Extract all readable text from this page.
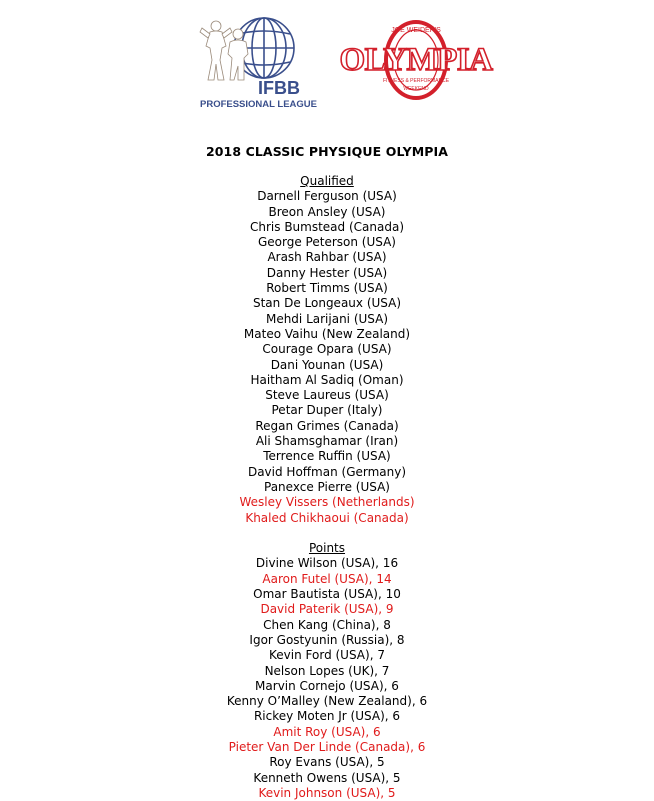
IFBB
PROFESSIONAL LEAGUE
JOE WEIDER'S
OLYMPIA
FITNESS & PERFORMANCE
WEEKEND
2018 CLASSIC PHYSIQUE OLYMPIA
Qualified
Darnell Ferguson (USA)
Breon Ansley (USA)
Chris Bumstead (Canada)
George Peterson (USA)
Arash Rahbar (USA)
Danny Hester (USA)
Robert Timms (USA)
Stan De Longeaux (USA)
Mehdi Larijani (USA)
Mateo Vaihu (New Zealand)
Courage Opara (USA)
Dani Younan (USA)
Haitham Al Sadiq (Oman)
Steve Laureus (USA)
Petar Duper (Italy)
Regan Grimes (Canada)
Ali Shamsghamar (Iran)
Terrence Ruffin (USA)
David Hoffman (Germany)
Panexce Pierre (USA)
Wesley Vissers (Netherlands)
Khaled Chikhaoui (Canada)
Points
Divine Wilson (USA), 16
Aaron Futel (USA), 14
Omar Bautista (USA), 10
David Paterik (USA), 9
Chen Kang (China), 8
Igor Gostyunin (Russia), 8
Kevin Ford (USA), 7
Nelson Lopes (UK), 7
Marvin Cornejo (USA), 6
Kenny O’Malley (New Zealand), 6
Rickey Moten Jr (USA), 6
Amit Roy (USA), 6
Pieter Van Der Linde (Canada), 6
Roy Evans (USA), 5
Kenneth Owens (USA), 5
Kevin Johnson (USA), 5
